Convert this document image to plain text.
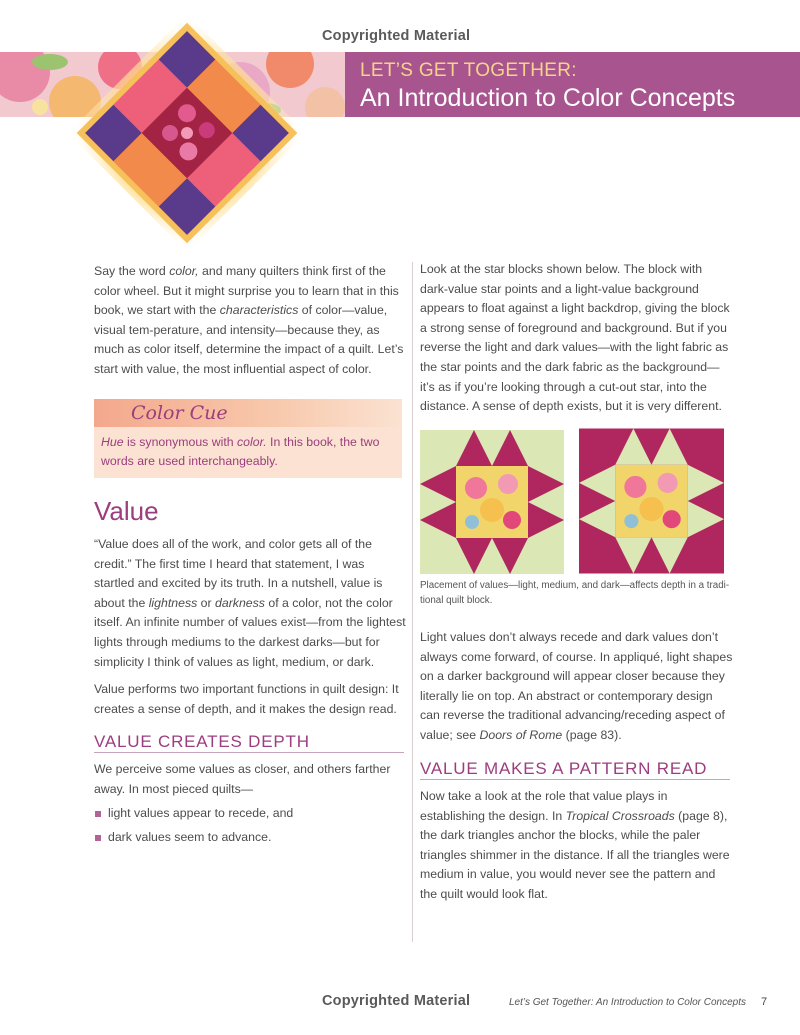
Copyrighted Material
LET’S GET TOGETHER:
An Introduction to Color Concepts

Say the word color, and many quilters think first of the color wheel. But it might surprise you to learn that in this book, we start with the characteristics of color—value, visual tem-perature, and intensity—because they, as much as color itself, determine the impact of a quilt. Let’s start with value, the most influential aspect of color.

Color Cue
Hue is synonymous with color. In this book, the two words are used interchangeably.
Value

“Value does all of the work, and color gets all of the credit.” The first time I heard that statement, I was startled and excited by its truth. In a nutshell, value is about the lightness or darkness of a color, not the color itself. An infinite number of values exist—from the lightest lights through mediums to the darkest darks—but for simplicity I think of values as light, medium, or dark.

Value performs two important functions in quilt design: It creates a sense of depth, and it makes the design read.

VALUE CREATES DEPTH
We perceive some values as closer, and others farther away. In most pieced quilts—
light values appear to recede, and
dark values seem to advance.
Look at the star blocks shown below. The block with dark-value star points and a light-value background appears to float against a light backdrop, giving the block a strong sense of foreground and background. But if you reverse the light and dark values—with the light fabric as the star points and the dark fabric as the background—it’s as if you’re looking through a cut-out star, into the distance. A sense of depth exists, but it is very different.
Placement of values—light, medium, and dark—affects depth in a tradi-tional quilt block.
Light values don’t always recede and dark values don’t always come forward, of course. In appliqué, light shapes on a darker background will appear closer because they literally lie on top. An abstract or contemporary design can reverse the traditional advancing/receding aspect of value; see Doors of Rome (page 83).
VALUE MAKES A PATTERN READ
Now take a look at the role that value plays in establishing the design. In Tropical Crossroads (page 8), the dark triangles anchor the blocks, while the paler triangles shimmer in the distance. If all the triangles were medium in value, you would never see the pattern and the quilt would look flat.
Copyrighted Material	Let’s Get Together: An Introduction to Color Concepts 7
